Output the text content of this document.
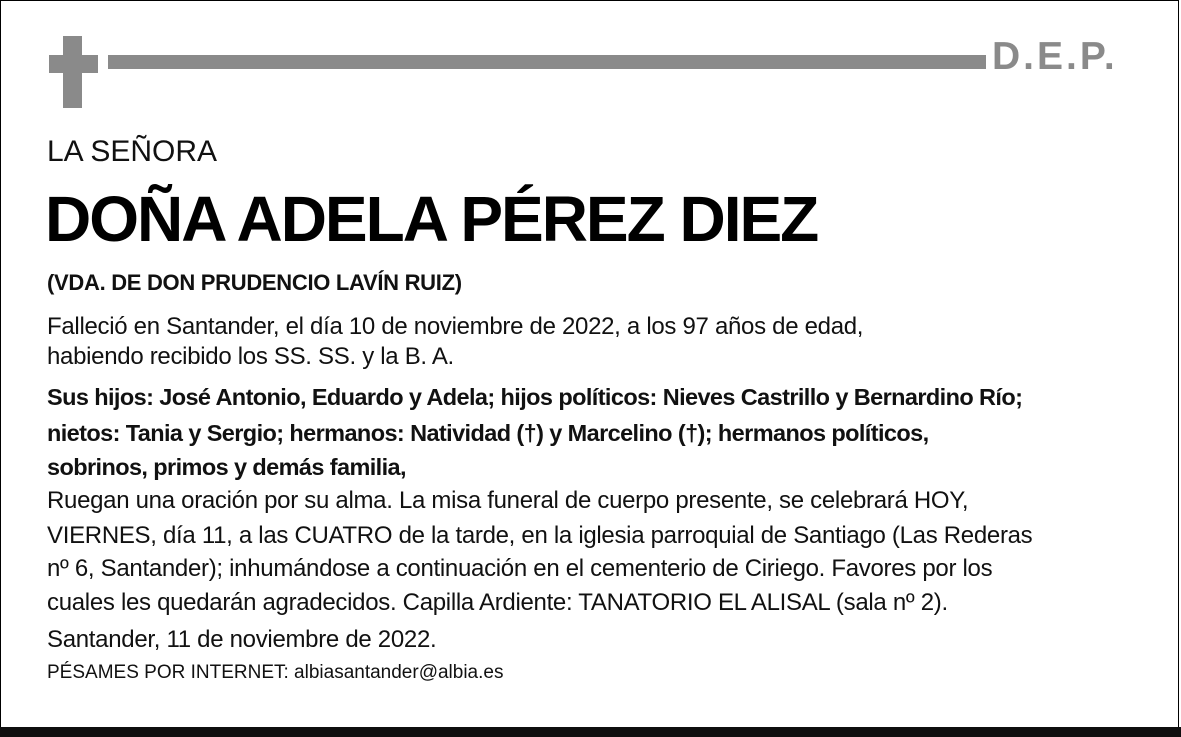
D.E.P.
LA SEÑORA
DOÑA ADELA PÉREZ DIEZ
(VDA. DE DON PRUDENCIO LAVÍN RUIZ)
Falleció en Santander, el día 10 de noviembre de 2022, a los 97 años de edad,
habiendo recibido los SS. SS. y la B. A.
Sus hijos: José Antonio, Eduardo y Adela; hijos políticos: Nieves Castrillo y Bernardino Río;
nietos: Tania y Sergio; hermanos: Natividad (†) y Marcelino (†); hermanos políticos,
sobrinos, primos y demás familia,
Ruegan una oración por su alma. La misa funeral de cuerpo presente, se celebrará HOY,
VIERNES, día 11, a las CUATRO de la tarde, en la iglesia parroquial de Santiago (Las Rederas
nº 6, Santander); inhumándose a continuación en el cementerio de Ciriego. Favores por los
cuales les quedarán agradecidos. Capilla Ardiente: TANATORIO EL ALISAL (sala nº 2).
Santander, 11 de noviembre de 2022.
PÉSAMES POR INTERNET: albiasantander@albia.es
